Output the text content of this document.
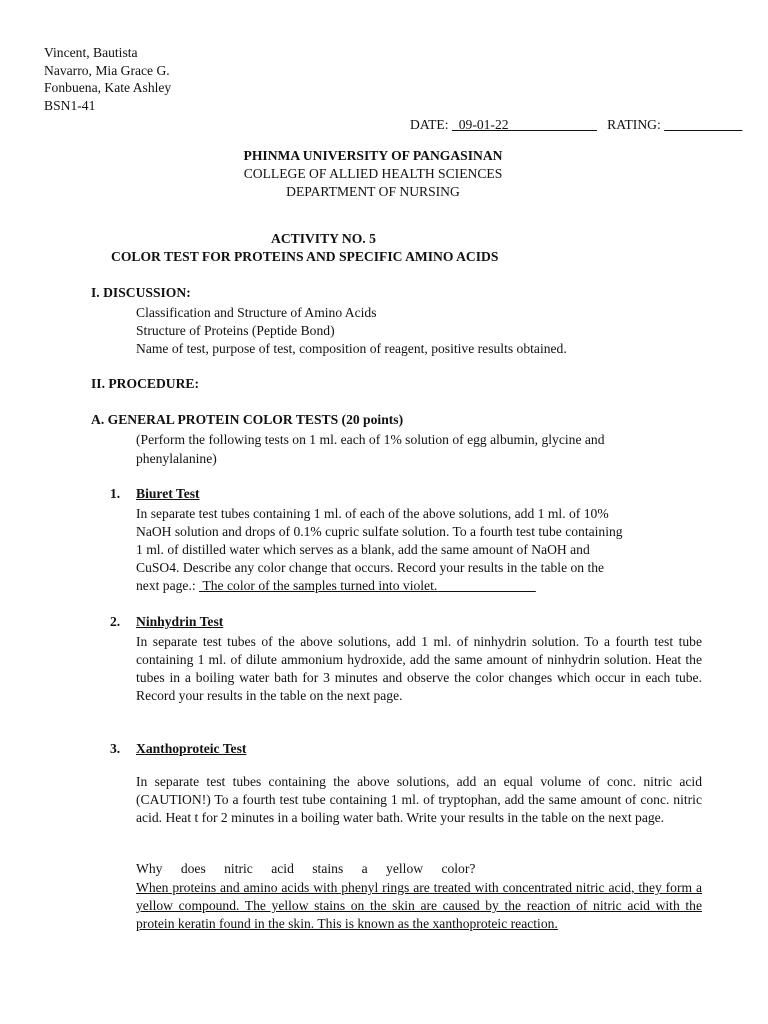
Vincent, Bautista
Navarro, Mia Grace G.
Fonbuena, Kate Ashley
BSN1-41
DATE: 09-01-22	RATING:
PHINMA UNIVERSITY OF PANGASINAN
COLLEGE OF ALLIED HEALTH SCIENCES
DEPARTMENT OF NURSING
ACTIVITY NO. 5
COLOR TEST FOR PROTEINS AND SPECIFIC AMINO ACIDS
I. DISCUSSION:
Classification and Structure of Amino Acids
Structure of Proteins (Peptide Bond)
Name of test, purpose of test, composition of reagent, positive results obtained.
II. PROCEDURE:
A. GENERAL PROTEIN COLOR TESTS (20 points)
(Perform the following tests on 1 ml. each of 1% solution of egg albumin, glycine and
phenylalanine)
1. Biuret Test
In separate test tubes containing 1 ml. of each of the above solutions, add 1 ml. of 10%
NaOH solution and drops of 0.1% cupric sulfate solution. To a fourth test tube containing
1 ml. of distilled water which serves as a blank, add the same amount of NaOH and
CuSO4. Describe any color change that occurs. Record your results in the table on the
next page.: The color of the samples turned into violet.
2. Ninhydrin Test
In separate test tubes of the above solutions, add 1 ml. of ninhydrin solution. To a fourth test tube containing 1 ml. of dilute ammonium hydroxide, add the same amount of ninhydrin solution. Heat the tubes in a boiling water bath for 3 minutes and observe the color changes which occur in each tube. Record your results in the table on the next page.
3. Xanthoproteic Test
In separate test tubes containing the above solutions, add an equal volume of conc. nitric acid (CAUTION!) To a fourth test tube containing 1 ml. of tryptophan, add the same amount of conc. nitric acid. Heat t for 2 minutes in a boiling water bath. Write your results in the table on the next page.
Why does nitric acid stains a yellow color?
When proteins and amino acids with phenyl rings are treated with concentrated nitric acid, they form a yellow compound. The yellow stains on the skin are caused by the reaction of nitric acid with the protein keratin found in the skin. This is known as the xanthoproteic reaction.
